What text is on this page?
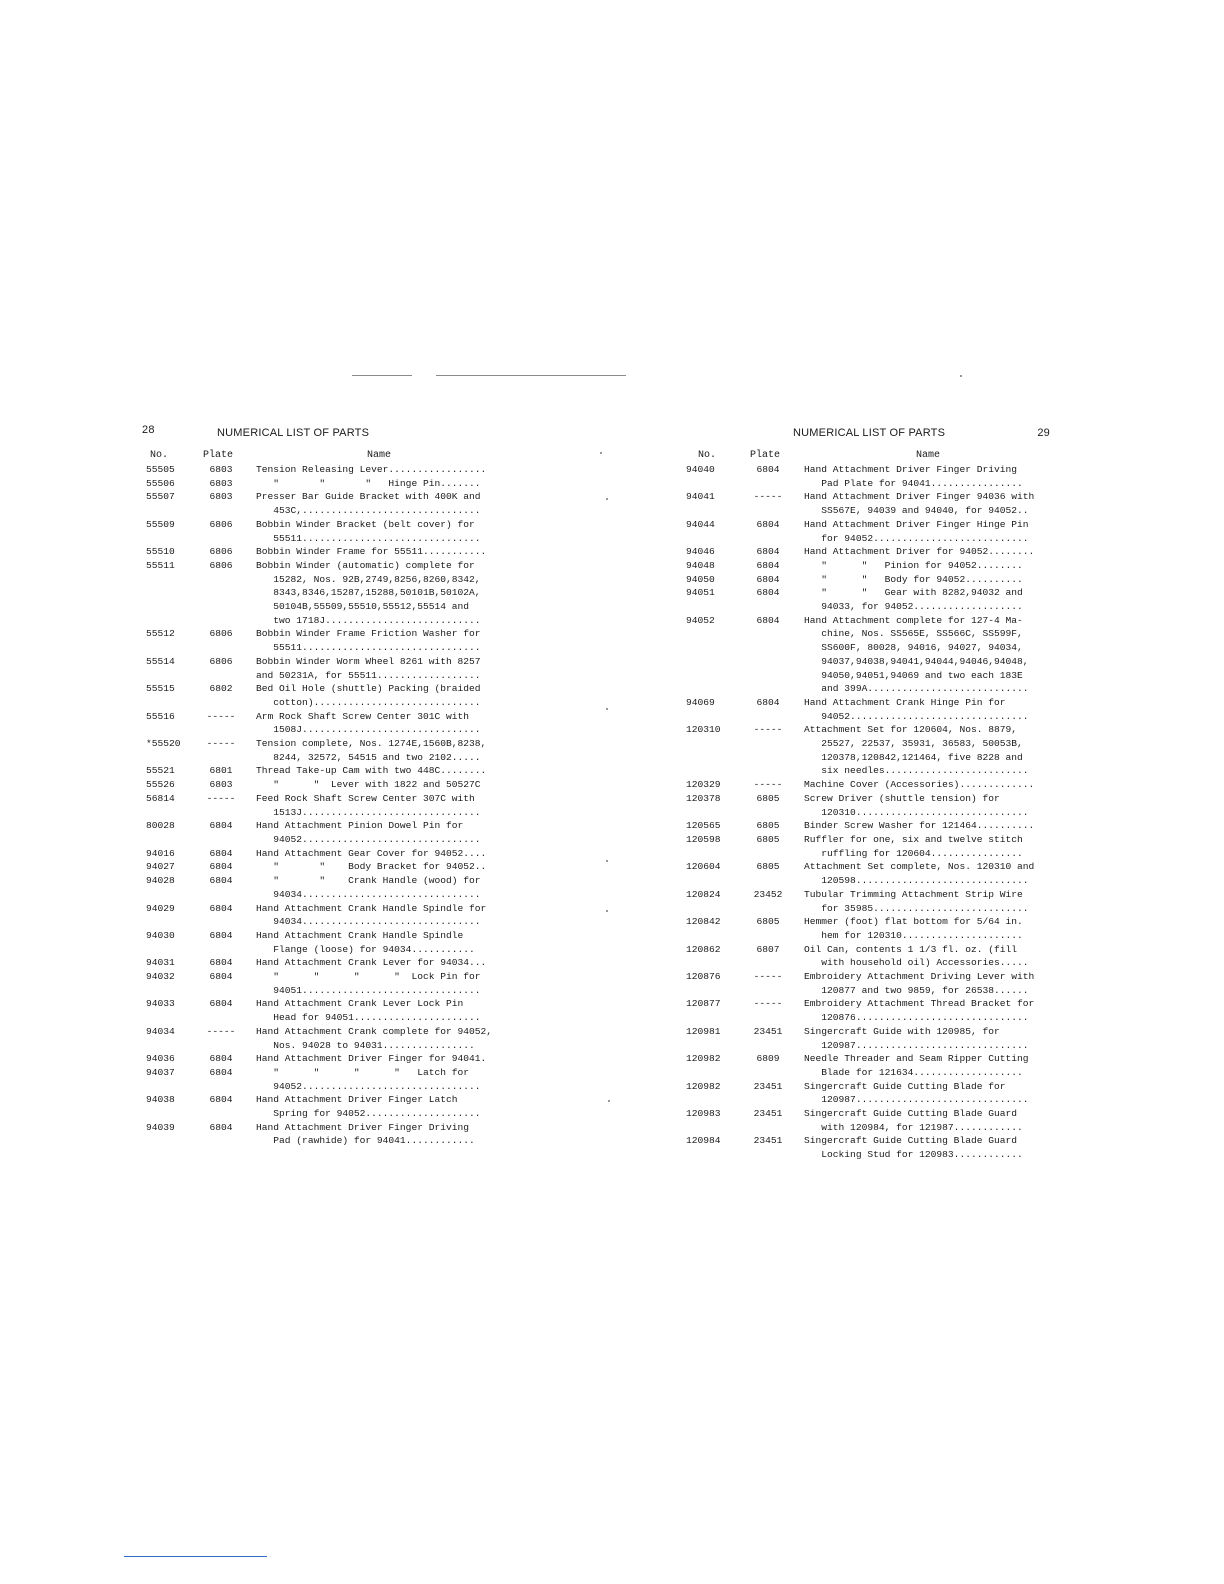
28	NUMERICAL LIST OF PARTS
No.	Plate	Name
55505	6803	Tension Releasing Lever.................
55506	6803	"       "       "   Hinge Pin.......
55507	6803	Presser Bar Guide Bracket with 400K and
453C,...............................
55509	6806	Bobbin Winder Bracket (belt cover) for
55511...............................
55510	6806	Bobbin Winder Frame for 55511...........
55511	6806	Bobbin Winder (automatic) complete for
15282, Nos. 92B,2749,8256,8260,8342,
8343,8346,15287,15288,50101B,50102A,
50104B,55509,55510,55512,55514 and
two 1718J...........................
55512	6806	Bobbin Winder Frame Friction Washer for
55511...............................
55514	6806	Bobbin Winder Worm Wheel 8261 with 8257
and 50231A, for 55511..................
55515	6802	Bed Oil Hole (shuttle) Packing (braided
cotton).............................
55516	-----	Arm Rock Shaft Screw Center 301C with
1508J...............................
*55520	-----	Tension complete, Nos. 1274E,1560B,8238,
8244, 32572, 54515 and two 2102.....
55521	6801	Thread Take-up Cam with two 448C........
55526	6803	"      "  Lever with 1822 and 50527C
56814	-----	Feed Rock Shaft Screw Center 307C with
1513J...............................
80028	6804	Hand Attachment Pinion Dowel Pin for
94052...............................
94016	6804	Hand Attachment Gear Cover for 94052....
94027	6804	"       "    Body Bracket for 94052..
94028	6804	"       "    Crank Handle (wood) for
94034...............................
94029	6804	Hand Attachment Crank Handle Spindle for
94034...............................
94030	6804	Hand Attachment Crank Handle Spindle
Flange (loose) for 94034...........
94031	6804	Hand Attachment Crank Lever for 94034...
94032	6804	"      "      "      "  Lock Pin for
94051...............................
94033	6804	Hand Attachment Crank Lever Lock Pin
Head for 94051......................
94034	-----	Hand Attachment Crank complete for 94052,
Nos. 94028 to 94031................
94036	6804	Hand Attachment Driver Finger for 94041.
94037	6804	"      "      "      "   Latch for
94052...............................
94038	6804	Hand Attachment Driver Finger Latch
Spring for 94052....................
94039	6804	Hand Attachment Driver Finger Driving
Pad (rawhide) for 94041............
NUMERICAL LIST OF PARTS	29
No.	Plate	Name
94040	6804	Hand Attachment Driver Finger Driving
Pad Plate for 94041................
94041	-----	Hand Attachment Driver Finger 94036 with
SS567E, 94039 and 94040, for 94052..
94044	6804	Hand Attachment Driver Finger Hinge Pin
for 94052...........................
94046	6804	Hand Attachment Driver for 94052........
94048	6804	"      "   Pinion for 94052........
94050	6804	"      "   Body for 94052..........
94051	6804	"      "   Gear with 8282,94032 and
94033, for 94052...................
94052	6804	Hand Attachment complete for 127-4 Ma-
chine, Nos. SS565E, SS566C, SS599F,
SS600F, 80028, 94016, 94027, 94034,
94037,94038,94041,94044,94046,94048,
94050,94051,94069 and two each 183E
and 399A............................
94069	6804	Hand Attachment Crank Hinge Pin for
94052...............................
120310	-----	Attachment Set for 120604, Nos. 8879,
25527, 22537, 35931, 36583, 50053B,
120378,120842,121464, five 8228 and
six needles.........................
120329	-----	Machine Cover (Accessories).............
120378	6805	Screw Driver (shuttle tension) for
120310..............................
120565	6805	Binder Screw Washer for 121464..........
120598	6805	Ruffler for one, six and twelve stitch
ruffling for 120604................
120604	6805	Attachment Set complete, Nos. 120310 and
120598..............................
120824	23452	Tubular Trimming Attachment Strip Wire
for 35985...........................
120842	6805	Hemmer (foot) flat bottom for 5/64 in.
hem for 120310.....................
120862	6807	Oil Can, contents 1 1/3 fl. oz. (fill
with household oil) Accessories.....
120876	-----	Embroidery Attachment Driving Lever with
120877 and two 9859, for 26538......
120877	-----	Embroidery Attachment Thread Bracket for
120876..............................
120981	23451	Singercraft Guide with 120985, for
120987..............................
120982	6809	Needle Threader and Seam Ripper Cutting
Blade for 121634...................
120982	23451	Singercraft Guide Cutting Blade for
120987..............................
120983	23451	Singercraft Guide Cutting Blade Guard
with 120984, for 121987............
120984	23451	Singercraft Guide Cutting Blade Guard
Locking Stud for 120983............
